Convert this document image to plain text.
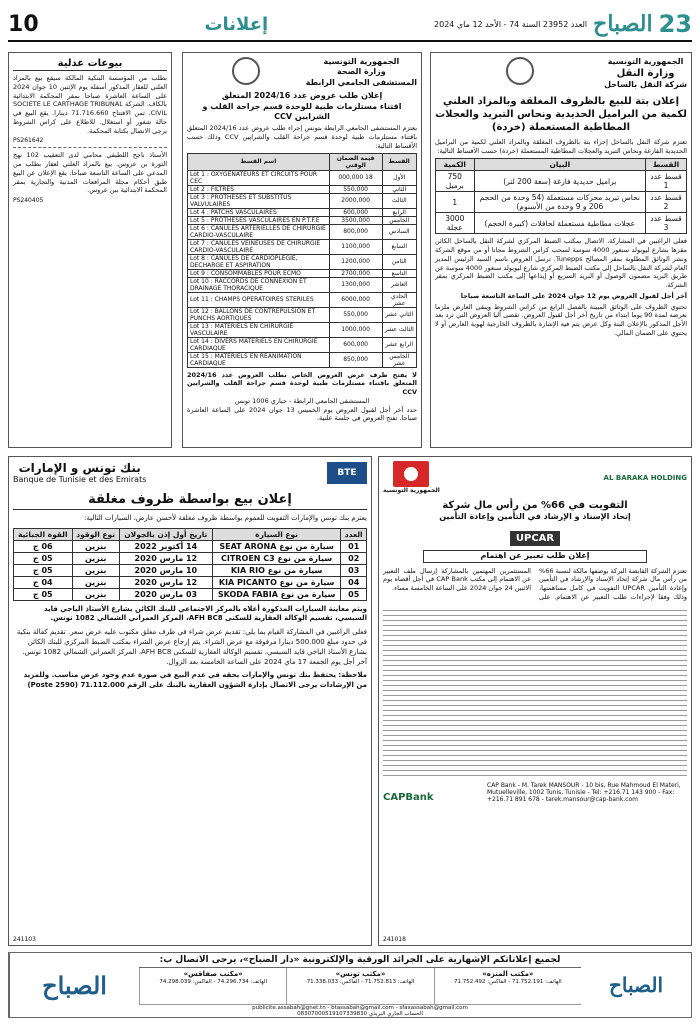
23
الصباح
العدد 23952 السنة 74 - الأحد 12 ماي 2024
إعلانات
10
الجمهورية التونسية
وزارة النقل
شركة النقل بالساحل
إعلان بتة للبيع بالظروف المغلقة وبالمزاد العلني لكمية من البراميل الحديدية ونحاس التبريد والعجلات المطاطية المستعملة (خردة)

تعتزم شركة النقل بالساحل إجراء بتة بالظروف المغلقة وبالمزاد العلني لكمية من البراميل الحديدية الفارغة ونحاس التبريد والعجلات المطاطية المستعملة (خردة) حسب الأقساط التالية:

القسط	البيان	الكمية
قسط عدد 1	براميل حديدية فارغة (سعة 200 لتر)	750 برميل
قسط عدد 2	نحاس تبريد محركات مستعملة (54 وحدة من الحجم 206 و 9 وحدة من الأسنوم)	1
قسط عدد 3	عجلات مطاطية مستعملة لحافلات (كبيرة الحجم)	3000 عجلة

فعلى الراغبين في المشاركة، الاتصال بمكتب الضبط المركزي لشركة النقل بالساحل الكائن مقرها بشارع ليوبولد سنغور 4000 سوسة لسحب كراس الشروط مجانا أو من موقع الشركة ونشر الوثائق المطلوبة بمقر المصالح Tunepps. ترسل العروض باسم السيد الرئيس المدير العام لشركة النقل بالساحل إلى مكتب الضبط المركزي شارع ليوبولد سنغور 4000 سوسة عن طريق البريد مضمون الوصول أو البريد السريع أو إيداعها إلى مكتب الضبط المركزي بمقر الشركة.

آخر أجل لقبول العروض يوم 12 جوان 2024 على الساعة التاسعة صباحا

تحتوي الظروف على الوثائق المبينة بالفصل الرابع من كراس الشروط ويبقى العارض ملزما بعرضه لمدة 90 يوما ابتداء من تاريخ آخر أجل لقبول العروض. تقصى آليا العروض التي ترد بعد الأجل المذكور بالإعلان البتة وكل عرض يتم فيه الإشارة بالظروف الخارجية لهوية العارض أو لا يحتوي على الضمان المالي.

الجمهورية التونسية
وزارة الصحة
المستشفى الجامعي الرابطة
إعلان طلب عروض عدد 2024/16 المتعلق
اقتناء مستلزمات طبية للوحدة قسم جراحة القلب و الشرايين CCV

يعتزم المستشفى الجامعي الرابطة بتونس إجراء طلب عروض عدد 2024/16 المتعلق باقتناء مستلزمات طبية لوحدة قسم جراحة القلب والشرايين CCV وذلك حسب الأقساط التالية:

القسط	قيمة الضمان الوقتي	اسم القسط
الأول	18 000,000	Lot 1 : OXYGENATEURS ET CIRCUITS POUR CEC
الثاني	550,000	Lot 2 : FILTRES
الثالث	2000,000	Lot 3 : PROTHESES ET SUBSTITUS VALVULAIRES
الرابع	600,000	Lot 4 : PATCHS VASCULAIRES
الخامس	3500,000	Lot 5 : PROTHESES VASCULAIRES EN P.T.F.E
السادس	800,000	Lot 6 : CANULES ARTERIELLES DE CHIRURGIE CARDIO-VASCULAIRE
السابع	1100,000	Lot 7 : CANULES VEINEUSES DE CHIRURGIE CARDIO-VASCULAIRE
الثامن	1200,000	Lot 8 : CANULES DE CARDIOPLEGIE, DECHARGE ET ASPIRATION
التاسع	2700,000	Lot 9 : CONSOMMABLES POUR ECMO
العاشر	1300,000	Lot 10 : RACCORDS DE CONNEXION ET DRAINAGE THORACIQUE
الحادي عشر	6000,000	Lot 11 : CHAMPS OPERATOIRES STERILES
الثاني عشر	550,000	Lot 12 : BALLONS DE CONTREPULSION ET PUNCHS AORTIQUES
الثالث عشر	1000,000	Lot 13 : MATERIELS EN CHIRURGIE VASCULAIRE
الرابع عشر	600,000	Lot 14 : DIVERS MATERIELS EN CHIRURGIE CARDIAQUE
الخامس عشر	850,000	Lot 15 : MATERIELS EN REANIMATION CARDIAQUE

لا يفتح ظرف عرض العروض الخاص بطلب العروض عدد 2024/16 المتعلق باقتناء مستلزمات طبية لوحدة قسم جراحة القلب والشرايين CCV

المستشفى الجامعي الرابطة - جباري 1006 تونس

حدد آخر أجل لقبول العروض يوم الخميس 13 جوان 2024 على الساعة العاشرة صباحا. تفتح العروض في جلسة علنية.

بيوعات عدلية

بطلب من المؤسسة البنكية المالكة سيقع بيع بالمزاد العلني للعقار المذكور أسفله يوم الإثنين 10 جوان 2024 على الساعة العاشرة صباحا بمقر المحكمة الابتدائية بالكاف. الشركة SOCIETE LE CARTHAGE TRIBUNAL CIVIL. ثمن الافتتاح 71.716.660 دينارا. يقع البيع في حالة شغور أو استغلال. للاطلاع على كراس الشروط يرجى الاتصال بكتابة المحكمة.

PS261642

الأستاذ ناجح اللطيفي محامي لدى التعقيب 102 نهج الثورة بن عروس. بيع بالمزاد العلني لعقار بطلب من المدعي على الساعة التاسعة صباحا. يقع الإعلان عن البيع طبق أحكام مجلة المرافعات المدنية والتجارية بمقر المحكمة الابتدائية ببن عروس.

PS240405
AL BARAKA HOLDING
الجمهورية التونسية
التفويت في 66% من رأس مال شركة
إتحاد الإسناد و الإرشاد في التأمين وإعادة التأمين
UPCAR
إعلان طلب تعبير عن اهتمام

تعتزم الشركة القابضة البركة بوصفها مالكة لنسبة 66% من رأس مال شركة إتحاد الإسناد والإرشاد في التأمين وإعادة التأمين UPCAR التفويت في كامل مساهمتها، وذلك وفقا لإجراءات طلب التعبير عن الاهتمام. على المستثمرين المهتمين بالمشاركة إرسال ملف التعبير عن الاهتمام إلى مكتب CAP Bank في أجل أقصاه يوم الاثنين 24 جوان 2024 على الساعة الخامسة مساء.

CAP Bank - M. Tarek MANSOUR - 10 bis, Rue Mahmoud El Materi, Mutuelleville, 1002 Tunis, Tunisie - Tel: +216.71 143 900 - Fax: +216.71 891 678 - tarek.mansour@cap-bank.com

CAPBank
241018
BTE
بنك تونس و الإمارات
Banque de Tunisie et des Emirats
إعلان بيع بواسطة ظروف مغلقة

يعتزم بنك تونس والإمارات التفويت للعموم بواسطة ظروف مغلقة لأحسن عارض، السيارات التالية:

العدد	نوع السيارة	تاريخ أول إذن بالجولان	نوع الوقود	القوة الجبائية
01	سيارة من نوع SEAT ARONA	14 أكتوبر 2022	بنزين	06 ج
02	سيارة من نوع CITROEN C3	12 مارس 2020	بنزين	05 ج
03	سيارة من نوع KIA RIO	10 مارس 2020	بنزين	05 ج
04	سيارة من نوع KIA PICANTO	12 مارس 2020	بنزين	04 ج
05	سيارة من نوع SKODA FABIA	03 مارس 2020	بنزين	05 ج

ويتم معاينة السيارات المذكورة أعلاه بالمركز الاجتماعي للبنك الكائن بشارع الأستاذ الباجي قايد السبسي، تقسيم الوكالة العقارية للسكنى AFH BC8، المركز العمراني الشمالي 1082 تونس.

فعلى الراغبين في المشاركة القيام بما يلي: تقديم عرض شراء في ظرف مغلق مكتوب عليه عرض سعر. تقديم كفالة بنكية في حدود مبلغ 500.000 دينارا مرفوقة مع عرض الشراء. يتم إرجاع عرض الشراء بمكتب الضبط المركزي للبنك الكائن بشارع الأستاذ الباجي قايد السبسي، تقسيم الوكالة العقارية للسكنى AFH BC8، المركز العمراني الشمالي 1082 تونس. آخر أجل يوم الجمعة 17 ماي 2024 على الساعة الخامسة بعد الزوال.

ملاحظة: يحتفظ بنك تونس والإمارات بحقه في عدم البيع في صورة عدم وجود عرض مناسب. وللمزيد من الإرشادات يرجى الاتصال بإدارة الشؤون العقارية بالبنك على الرقم 71.112.000 (Poste 2590)

241103
الصباح
لجميع إعلاناتكم الإشهارية على الجرائد الورقية والإلكترونية «دار الصباح»، يرجى الاتصال ب:
«مكتب المنزه»
الهاتف: 71.752.191 - الفاكس: 71.752.492
«مكتب تونس»
الهاتف: 71.752.813 - الفاكس: 71.338.033
«مكتب صفاقس»
الهاتف: 74.296.734 - الفاكس: 74.298.039
publicite.assabah@gnet.tn - btassabah@gmail.com - sfaxassabah@gmail.com
الحساب الجاري البريدي 08307000519107339830
الصباح
